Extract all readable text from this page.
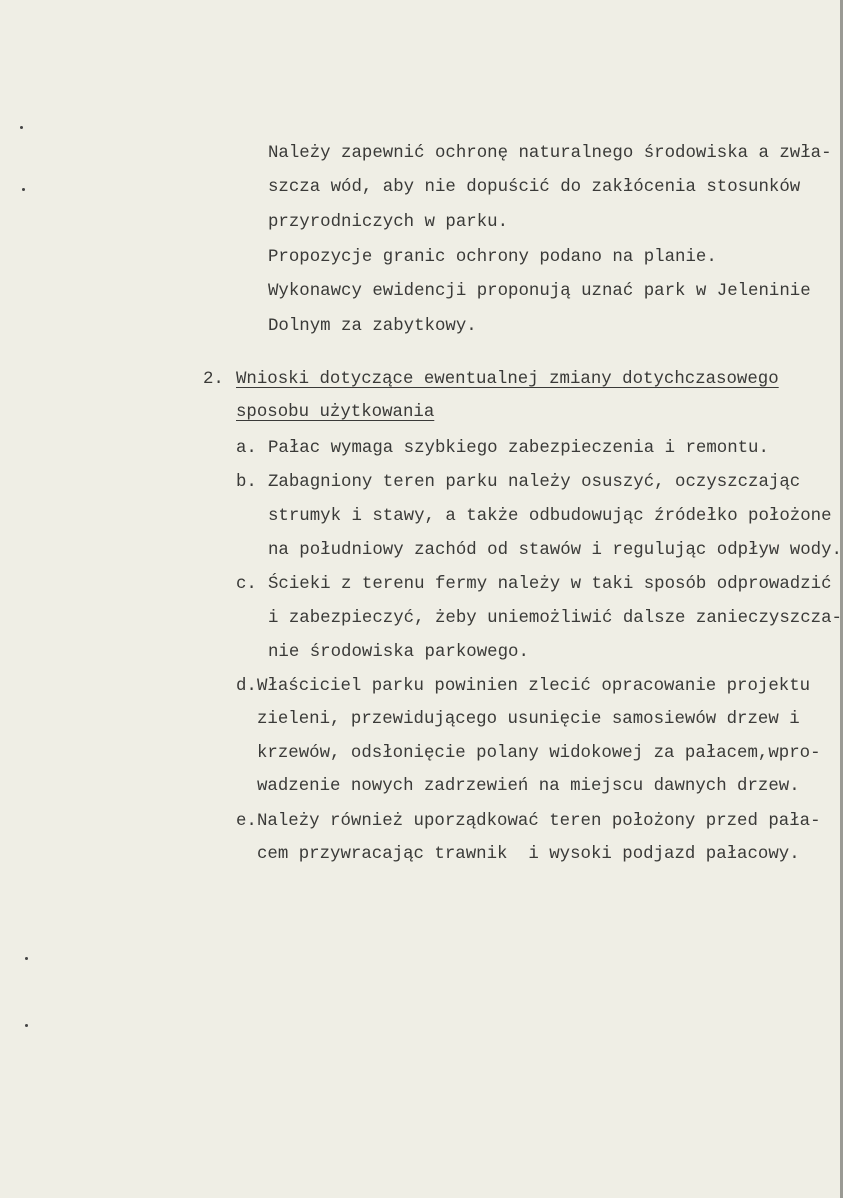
Należy zapewnić ochronę naturalnego środowiska a zwła-
szcza wód, aby nie dopuścić do zakłócenia stosunków
przyrodniczych w parku.
Propozycje granic ochrony podano na planie.
Wykonawcy ewidencji proponują uznać park w Jeleninie
Dolnym za zabytkowy.
2. Wnioski dotyczące ewentualnej zmiany dotychczasowego
sposobu użytkowania
a. Pałac wymaga szybkiego zabezpieczenia i remontu.
b. Zabagniony teren parku należy osuszyć, oczyszczając
strumyk i stawy, a także odbudowując źródełko położone
na południowy zachód od stawów i regulując odpływ wody.
c. Ścieki z terenu fermy należy w taki sposób odprowadzić
i zabezpieczyć, żeby uniemożliwić dalsze zanieczyszcza-
nie środowiska parkowego.
d. Właściciel parku powinien zlecić opracowanie projektu
zieleni, przewidującego usunięcie samosiewów drzew i
krzewów, odsłonięcie polany widokowej za pałacem,wpro-
wadzenie nowych zadrzewień na miejscu dawnych drzew.
e. Należy również uporządkować teren położony przed pała-
cem przywracając trawnik  i wysoki podjazd pałacowy.
